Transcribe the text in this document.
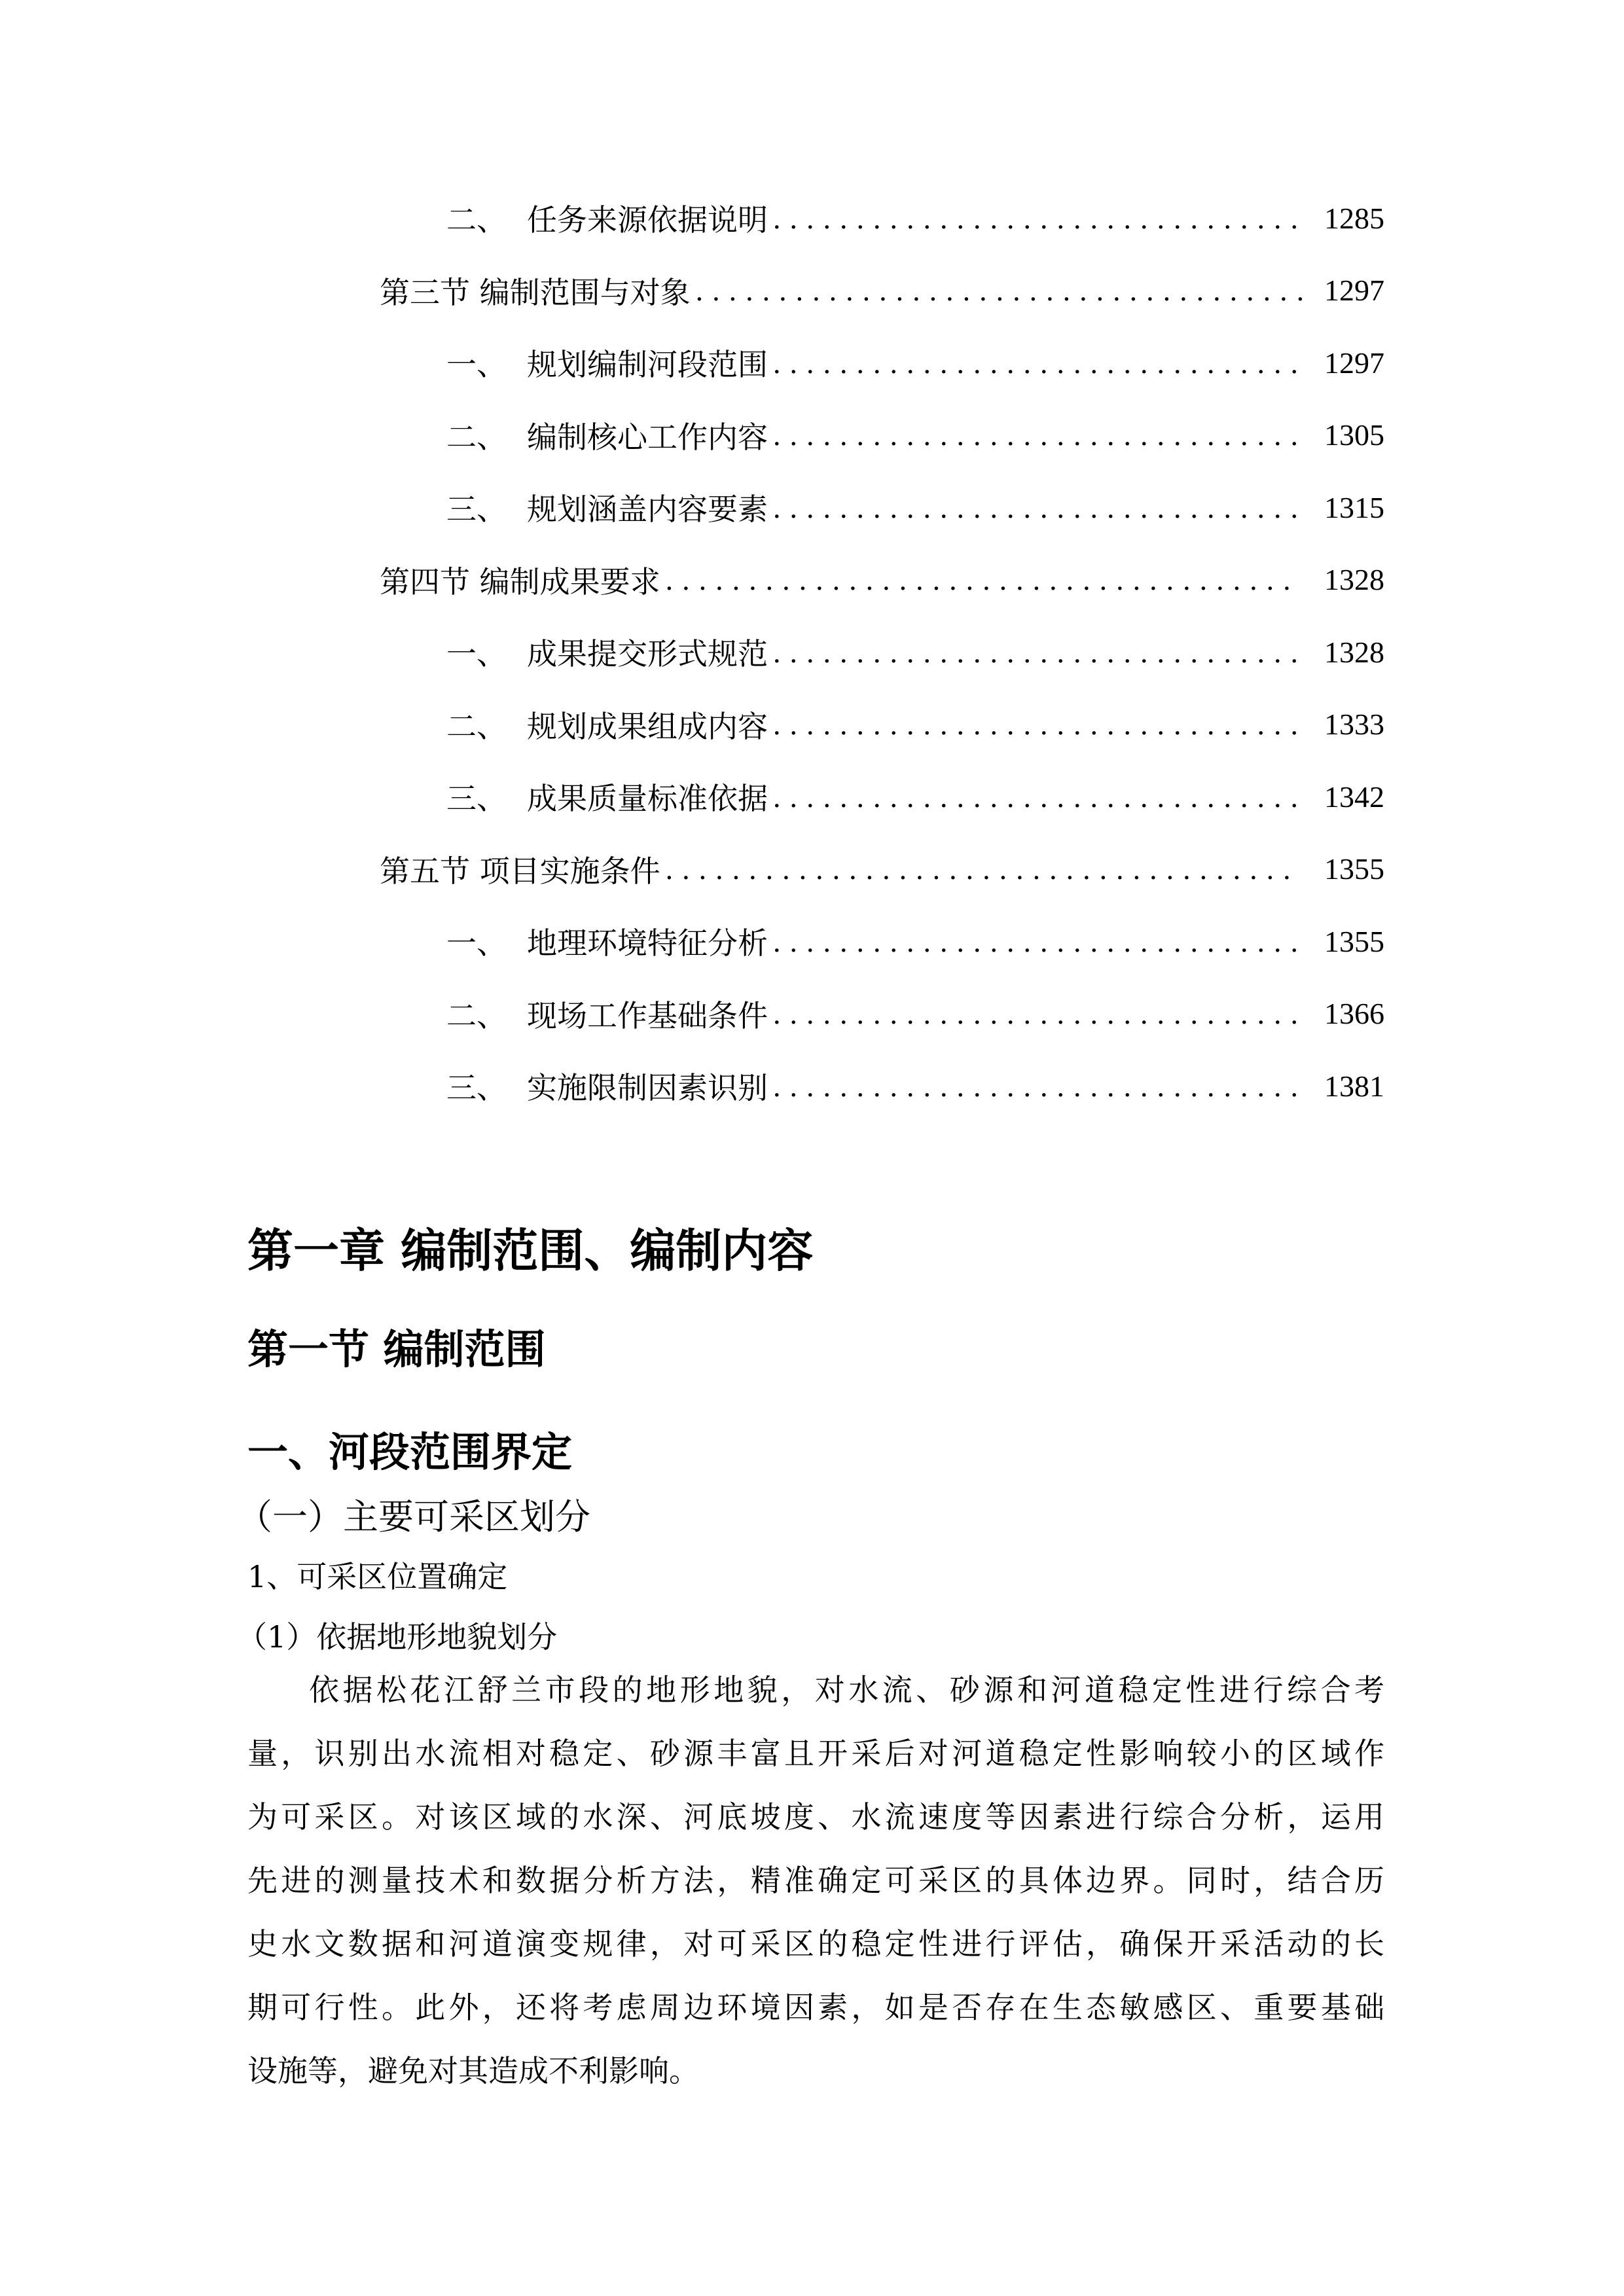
二、 任务来源依据说明 ................................ 1285
第三节 编制范围与对象 ..................................... 1297
一、 规划编制河段范围 ................................ 1297
二、 编制核心工作内容 ................................ 1305
三、 规划涵盖内容要素 ................................ 1315
第四节 编制成果要求 ...................................... 1328
一、 成果提交形式规范 ................................ 1328
二、 规划成果组成内容 ................................ 1333
三、 成果质量标准依据 ................................ 1342
第五节 项目实施条件 ...................................... 1355
一、 地理环境特征分析 ................................ 1355
二、 现场工作基础条件 ................................ 1366
三、 实施限制因素识别 ................................ 1381
第一章 编制范围、编制内容
第一节 编制范围
一、河段范围界定
（一）主要可采区划分
1、可采区位置确定
（1）依据地形地貌划分
依据松花江舒兰市段的地形地貌，对水流、砂源和河道稳定性进行综合考
量，识别出水流相对稳定、砂源丰富且开采后对河道稳定性影响较小的区域作
为可采区。对该区域的水深、河底坡度、水流速度等因素进行综合分析，运用
先进的测量技术和数据分析方法，精准确定可采区的具体边界。同时，结合历
史水文数据和河道演变规律，对可采区的稳定性进行评估，确保开采活动的长
期可行性。此外，还将考虑周边环境因素，如是否存在生态敏感区、重要基础
设施等，避免对其造成不利影响。
